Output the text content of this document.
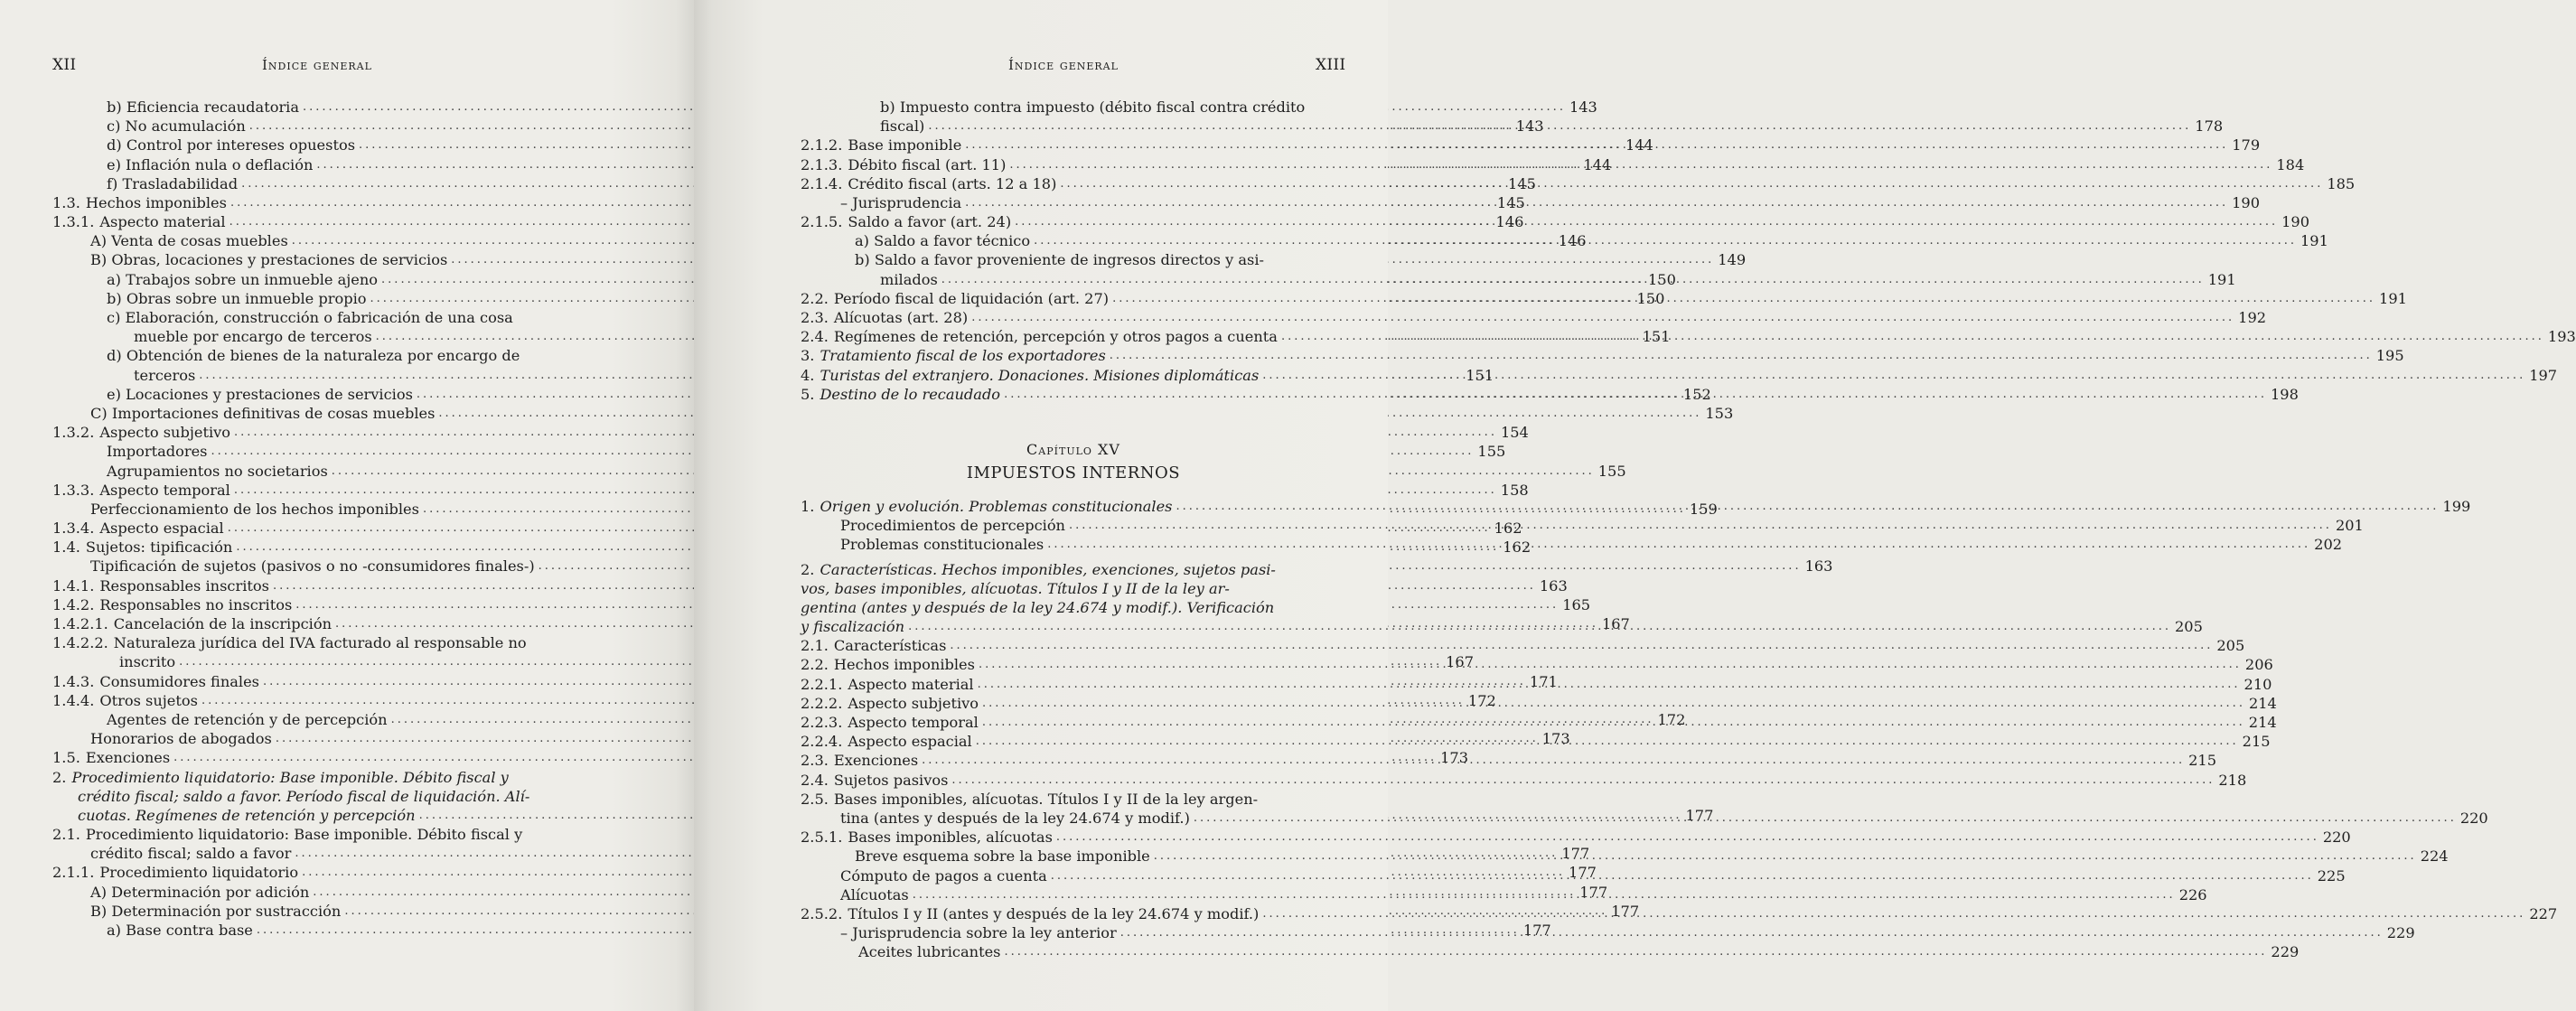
XII	Índice general
b) Eficiencia recaudatoria .....	143
c) No acumulación .....	143
d) Control por intereses opuestos .....	144
e) Inflación nula o deflación .....	144
f) Trasladabilidad .....	145
1.3. Hechos imponibles .....	145
1.3.1. Aspecto material .....	146
A) Venta de cosas muebles .....	146
B) Obras, locaciones y prestaciones de servicios .....	149
a) Trabajos sobre un inmueble ajeno .....	150
b) Obras sobre un inmueble propio .....	150
c) Elaboración, construcción o fabricación de una cosa
mueble por encargo de terceros .....	151
d) Obtención de bienes de la naturaleza por encargo de
terceros .....	151
e) Locaciones y prestaciones de servicios .....	152
C) Importaciones definitivas de cosas muebles .....	153
1.3.2. Aspecto subjetivo .....	154
Importadores .....	155
Agrupamientos no societarios .....	155
1.3.3. Aspecto temporal .....	158
Perfeccionamiento de los hechos imponibles .....	159
1.3.4. Aspecto espacial .....	162
1.4. Sujetos: tipificación .....	162
Tipificación de sujetos (pasivos o no -consumidores finales-) .....	163
1.4.1. Responsables inscritos .....	163
1.4.2. Responsables no inscritos .....	165
1.4.2.1. Cancelación de la inscripción .....	167
1.4.2.2. Naturaleza jurídica del IVA facturado al responsable no
inscrito .....	167
1.4.3. Consumidores finales .....	171
1.4.4. Otros sujetos .....	172
Agentes de retención y de percepción .....	172
Honorarios de abogados .....	173
1.5. Exenciones .....	173
2. Procedimiento liquidatorio: Base imponible. Débito fiscal y
crédito fiscal; saldo a favor. Período fiscal de liquidación. Alí-
cuotas. Regímenes de retención y percepción .....	177
2.1. Procedimiento liquidatorio: Base imponible. Débito fiscal y
crédito fiscal; saldo a favor .....	177
2.1.1. Procedimiento liquidatorio .....	177
A) Determinación por adición .....	177
B) Determinación por sustracción .....	177
a) Base contra base .....	177
Índice general	XIII
b) Impuesto contra impuesto (débito fiscal contra crédito
fiscal) .....	178
2.1.2. Base imponible .....	179
2.1.3. Débito fiscal (art. 11) .....	184
2.1.4. Crédito fiscal (arts. 12 a 18) .....	185
– Jurisprudencia .....	190
2.1.5. Saldo a favor (art. 24) .....	190
a) Saldo a favor técnico .....	191
b) Saldo a favor proveniente de ingresos directos y asi-
milados .....	191
2.2. Período fiscal de liquidación (art. 27) .....	191
2.3. Alícuotas (art. 28) .....	192
2.4. Regímenes de retención, percepción y otros pagos a cuenta .....	193
3. Tratamiento fiscal de los exportadores .....	195
4. Turistas del extranjero. Donaciones. Misiones diplomáticas .....	197
5. Destino de lo recaudado .....	198
Capítulo XV
IMPUESTOS INTERNOS
1. Origen y evolución. Problemas constitucionales .....	199
Procedimientos de percepción .....	201
Problemas constitucionales .....	202
2. Características. Hechos imponibles, exenciones, sujetos pasi-
vos, bases imponibles, alícuotas. Títulos I y II de la ley ar-
gentina (antes y después de la ley 24.674 y modif.). Verificación
y fiscalización .....	205
2.1. Características .....	205
2.2. Hechos imponibles .....	206
2.2.1. Aspecto material .....	210
2.2.2. Aspecto subjetivo .....	214
2.2.3. Aspecto temporal .....	214
2.2.4. Aspecto espacial .....	215
2.3. Exenciones .....	215
2.4. Sujetos pasivos .....	218
2.5. Bases imponibles, alícuotas. Títulos I y II de la ley argen-
tina (antes y después de la ley 24.674 y modif.) .....	220
2.5.1. Bases imponibles, alícuotas .....	220
Breve esquema sobre la base imponible .....	224
Cómputo de pagos a cuenta .....	225
Alícuotas .....	226
2.5.2. Títulos I y II (antes y después de la ley 24.674 y modif.) .....	227
– Jurisprudencia sobre la ley anterior .....	229
Aceites lubricantes .....	229
